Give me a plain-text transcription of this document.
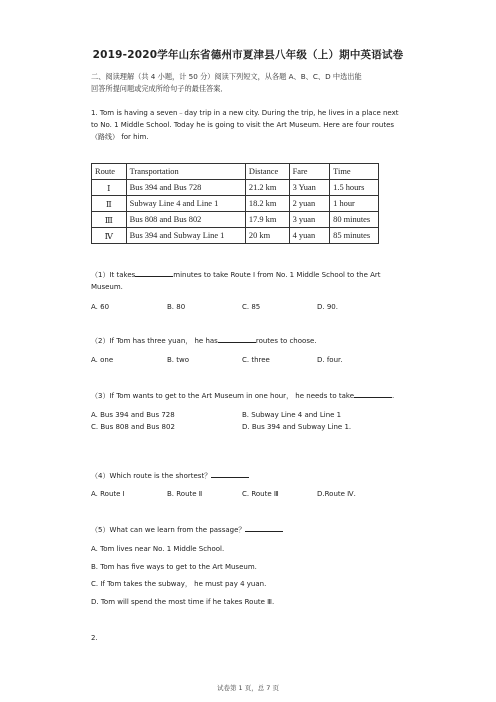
2019-2020学年山东省德州市夏津县八年级（上）期中英语试卷
二、阅读理解（共 4 小题，计 50 分）阅读下列短文，从各题 A、B、C、D 中选出能
回答所提问题或完成所给句子的最佳答案．
1. Tom is having a seven﹣day trip in a new city. During the trip, he lives in a place next
to No. 1 Middle School. Today he is going to visit the Art Museum. Here are four routes
（路线） for him.
Route	Transportation	Distance	Fare	Time
Ⅰ	Bus 394 and Bus 728	21.2 km	3 Yuan	1.5 hours
Ⅱ	Subway Line 4 and Line 1	18.2 km	2 yuan	1 hour
Ⅲ	Bus 808 and Bus 802	17.9 km	3 yuan	80 minutes
Ⅳ	Bus 394 and Subway Line 1	20 km	4 yuan	85 minutes
（1）It takes	minutes to take Route Ⅰ from No. 1 Middle School to the Art
Museum.
A. 60	B. 80	C. 85	D. 90.
（2）If Tom has three yuan， he has	routes to choose.
A. one	B. two	C. three	D. four.
（3）If Tom wants to get to the Art Museum in one hour， he needs to take	.
A. Bus 394 and Bus 728	B. Subway Line 4 and Line 1
C. Bus 808 and Bus 802	D. Bus 394 and Subway Line 1.
（4）Which route is the shortest？
A. Route Ⅰ	B. Route Ⅱ	C. Route Ⅲ	D.Route Ⅳ.
（5）What can we learn from the passage？
A. Tom lives near No. 1 Middle School.
B. Tom has five ways to get to the Art Museum.
C. If Tom takes the subway， he must pay 4 yuan.
D. Tom will spend the most time if he takes Route Ⅲ.
2.
试卷第 1 页，总 7 页
